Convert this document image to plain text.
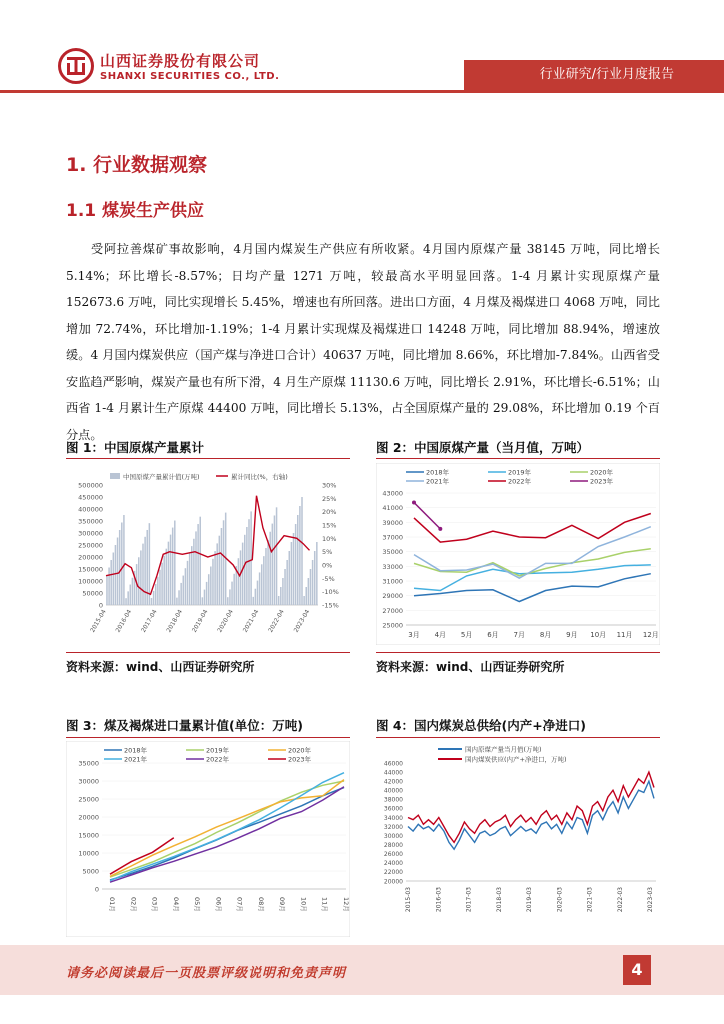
山西证券股份有限公司
SHANXI SECURITIES CO., LTD.	行业研究/行业月度报告
1. 行业数据观察
1.1 煤炭生产供应

受阿拉善煤矿事故影响，4月国内煤炭生产供应有所收紧。4月国内原煤产量 38145 万吨，同比增长 5.14%；环比增长-8.57%；日均产量 1271 万吨，较最高水平明显回落。1-4 月累计实现原煤产量 152673.6 万吨，同比实现增长 5.45%，增速也有所回落。进出口方面，4 月煤及褐煤进口 4068 万吨，同比增加 72.74%，环比增加-1.19%；1-4 月累计实现煤及褐煤进口 14248 万吨，同比增加 88.94%，增速放缓。4 月国内煤炭供应（国产煤与净进口合计）40637 万吨，同比增加 8.66%，环比增加-7.84%。山西省受安监趋严影响，煤炭产量也有所下滑，4 月生产原煤 11130.6 万吨，同比增长 2.91%，环比增长-6.51%；山西省 1-4 月累计生产原煤 44400 万吨，同比增长 5.13%，占全国原煤产量的 29.08%，环比增加 0.19 个百分点。

图 1：中国原煤产量累计	图 2：中国原煤产量（当月值，万吨）
0
50000
100000
150000
200000
250000
300000
350000
400000
450000
500000
-15%
-10%
-5%
0%
5%
10%
15%
20%
25%
30%
2015-04 2016-04 2017-04 2018-04 2019-04 2020-04 2021-04 2022-04 2023-04
中国原煤产量累计值(万吨)	累计同比(%，右轴)
25000
27000
29000
31000
33000
35000
37000
39000
41000
43000
3月 4月 5月 6月 7月 8月 9月 10月 11月 12月
2018年	2019年	2020年
2021年	2022年	2023年
资料来源：wind、山西证券研究所	资料来源：wind、山西证券研究所
图 3：煤及褐煤进口量累计值(单位：万吨)	图 4：国内煤炭总供给(内产+净进口)
0
5000
10000
15000
20000
25000
30000
35000
01月 02月 03月 04月 05月 06月 07月 08月 09月 10月 11月 12月
2018年	2019年	2020年
2021年	2022年	2023年
20000
22000
24000
26000
28000
30000
32000
34000
36000
38000
40000
42000
44000
46000
2015-03	2016-03	2017-03	2018-03	2019-03	2020-03	2021-03	2022-03	2023-03
国内原煤产量当月值(万吨)
国内煤炭供应(内产+净进口，万吨)
请务必阅读最后一页股票评级说明和免责声明	4
